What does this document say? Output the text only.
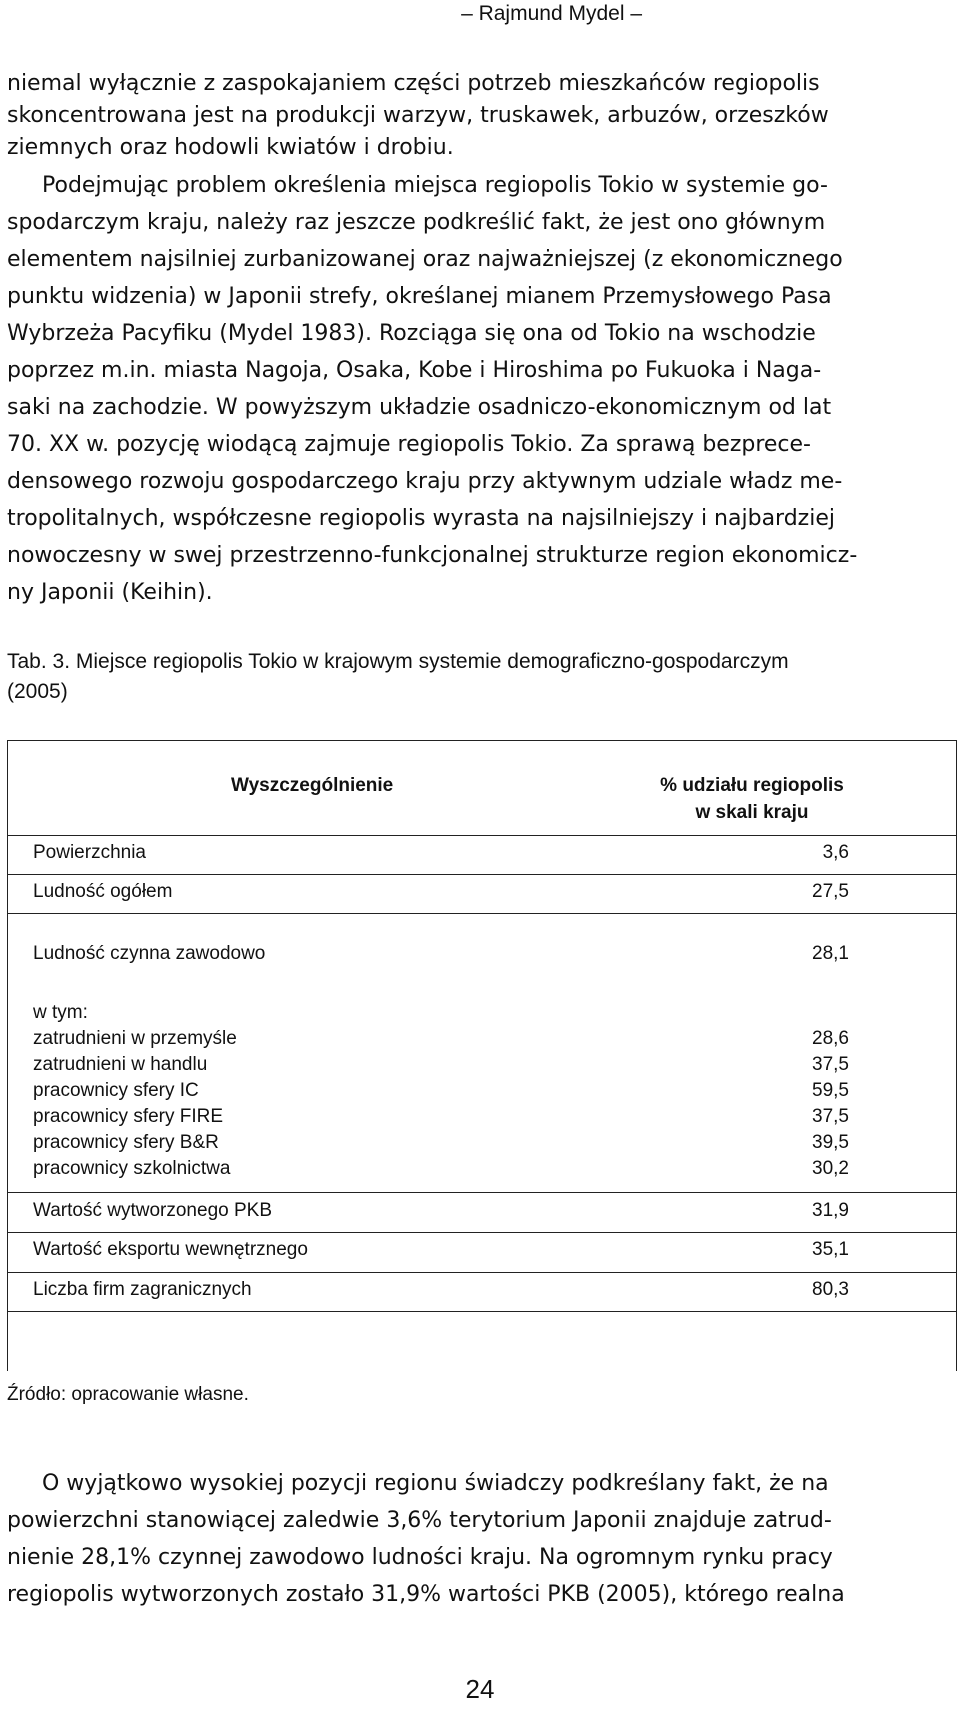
– Rajmund Mydel –
niemal wyłącznie z zaspokajaniem części potrzeb mieszkańców regiopolis
skoncentrowana jest na produkcji warzyw, truskawek, arbuzów, orzeszków
ziemnych oraz hodowli kwiatów i drobiu.
Podejmując problem określenia miejsca regiopolis Tokio w systemie go-
spodarczym kraju, należy raz jeszcze podkreślić fakt, że jest ono głównym
elementem najsilniej zurbanizowanej oraz najważniejszej (z ekonomicznego
punktu widzenia) w Japonii strefy, określanej mianem Przemysłowego Pasa
Wybrzeża Pacyfiku (Mydel 1983). Rozciąga się ona od Tokio na wschodzie
poprzez m.in. miasta Nagoja, Osaka, Kobe i Hiroshima po Fukuoka i Naga-
saki na zachodzie. W powyższym układzie osadniczo-ekonomicznym od lat
70. XX w. pozycję wiodącą zajmuje regiopolis Tokio. Za sprawą bezprece-
densowego rozwoju gospodarczego kraju przy aktywnym udziale władz me-
tropolitalnych, współczesne regiopolis wyrasta na najsilniejszy i najbardziej
nowoczesny w swej przestrzenno-funkcjonalnej strukturze region ekonomicz-
ny Japonii (Keihin).
Tab. 3. Miejsce regiopolis Tokio w krajowym systemie demograficzno-gospodarczym
(2005)
Wyszczególnienie	% udziału regiopolis
w skali kraju
Powierzchnia	3,6
Ludność ogółem	27,5
Ludność czynna zawodowo	28,1
w tym:
zatrudnieni w przemyśle	28,6
zatrudnieni w handlu	37,5
pracownicy sfery IC	59,5
pracownicy sfery FIRE	37,5
pracownicy sfery B&R	39,5
pracownicy szkolnictwa	30,2
Wartość wytworzonego PKB	31,9
Wartość eksportu wewnętrznego	35,1
Liczba firm zagranicznych	80,3
Źródło: opracowanie własne.
O wyjątkowo wysokiej pozycji regionu świadczy podkreślany fakt, że na
powierzchni stanowiącej zaledwie 3,6% terytorium Japonii znajduje zatrud-
nienie 28,1% czynnej zawodowo ludności kraju. Na ogromnym rynku pracy
regiopolis wytworzonych zostało 31,9% wartości PKB (2005), którego realna
24
